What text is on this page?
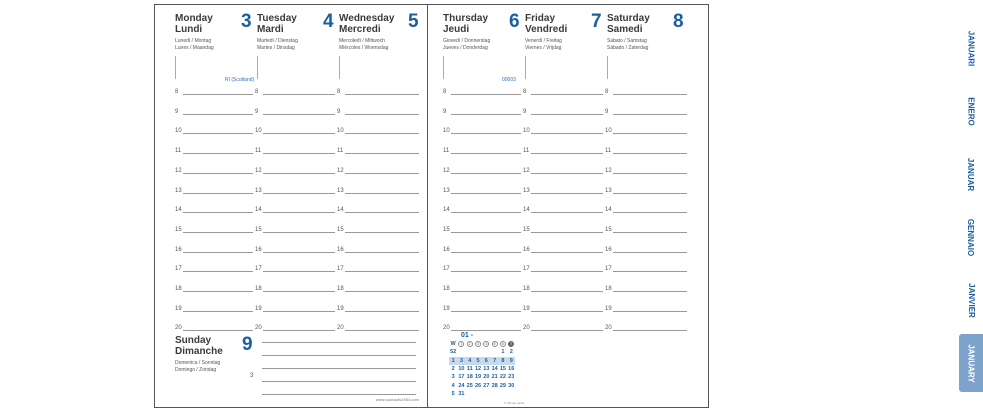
Monday
Lundi
Lunedì / Montag
Lunes / Maandag
3
RI (Scotland)
Tuesday
Mardi
Martedì / Dienstag
Martes / Dinsdag
4 Wednesday
Mercredi
Mercoledì / Mittwoch
Miércoles / Woensdag
5
8	8	8
9	9	9
10	10	10
11	11	11
12	12	12
13	13	13
14	14	14
15	15	15
16	16	16
17	17	17
18	18	18
19	19	19
20	20	20
Sunday
Dimanche
Domenica / Sonntag
Domingo / Zondag
9
3
www.quovadis1954.com
Thursday
Jeudi
Giovedì / Donnerstag
Jueves / Donderdag
6
00003
Friday
Vendredi
Venerdì / Freitag
Viernes / Vrijdag
7 Saturday
Samedi
Sabato / Samstag
Sábado / Zaterdag
8
8	8	8
9	9	9
10	10	10
11	11	11
12	12	12
13	13	13
14	14	14
15	15	15
16	16	16
17	17	17
18	18	18
19	19	19
20	20	20
01 -
W	1	2	3	4	5	6	7
52						1	2
1	3	4	5	6	7	8	9
2	10	11	12	13	14	15	16
3	17	18	19	20	21	22	23
4	24	25	26	27	28	29	30
5	31						
© 45 sun cards
JANUARI
ENERO
JANUAR
GENNAIO
JANVIER
JANUARY
